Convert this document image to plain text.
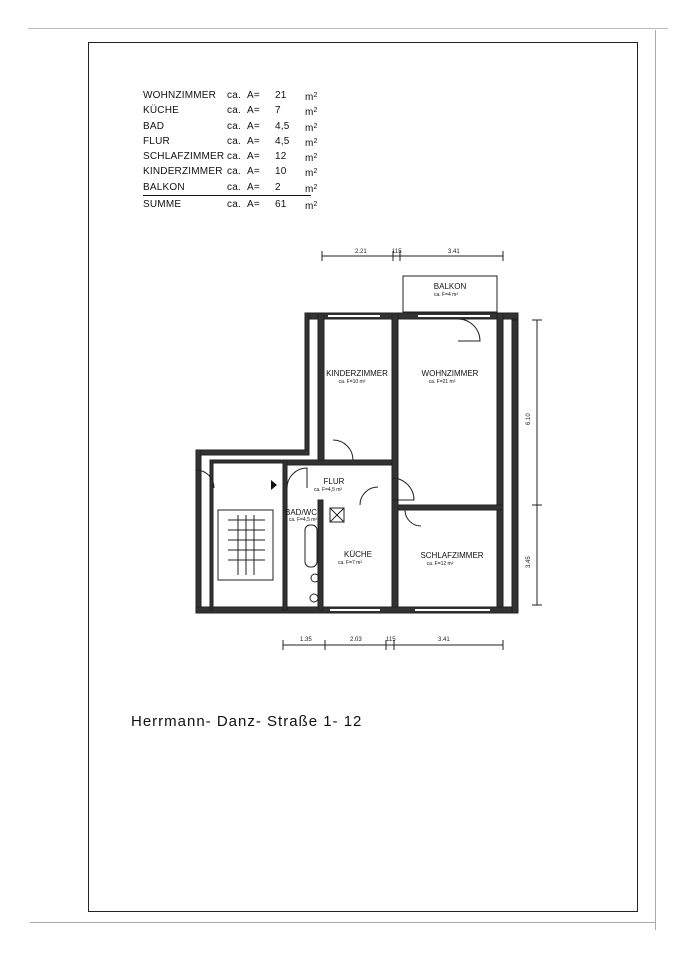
WOHNZIMMER	ca. A=	21	$m^2$
KÜCHE	ca. A=	7	$m^2$
BAD	ca. A=	4,5	$m^2$
FLUR	ca. A=	4,5	$m^2$
SCHLAFZIMMER ca. A=	12	$m^2$
KINDERZIMMER ca. A=	10	$m^2$
BALKON	ca. A=	2	$m^2$
SUMME	ca. A=	61	$m^2$
2.21	115	3.41
1.35	2.03	115	3.41
6.10
3.45
BALKON
ca. F=4 m²
KINDERZIMMER
ca. F=10 m²
WOHNZIMMER
ca. F=21 m²
FLUR
ca. F=4,5 m²
BAD/WC
ca. F=4,5 m²
KÜCHE
ca. F=7 m²
SCHLAFZIMMER
ca. F=12 m²
Herrmann- Danz- Straße 1- 12
